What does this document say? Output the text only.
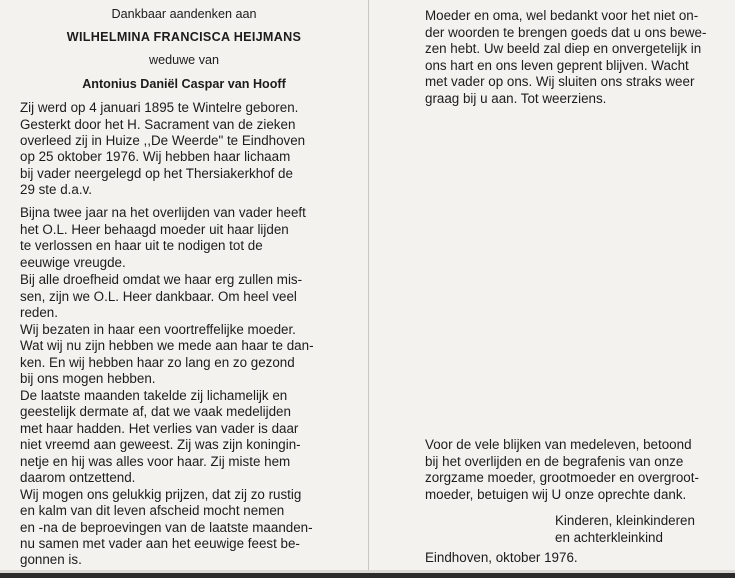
Dankbaar aandenken aan

WILHELMINA FRANCISCA HEIJMANS

weduwe van

Antonius Daniël Caspar van Hooff

Zij werd op 4 januari 1895 te Wintelre geboren.

Gesterkt door het H. Sacrament van de zieken

overleed zij in Huize ,,De Weerde" te Eindhoven

op 25 oktober 1976. Wij hebben haar lichaam

bij vader neergelegd op het Thersiakerkhof de

29 ste d.a.v.

Bijna twee jaar na het overlijden van vader heeft

het O.L. Heer behaagd moeder uit haar lijden

te verlossen en haar uit te nodigen tot de

eeuwige vreugde.

Bij alle droefheid omdat we haar erg zullen mis-

sen, zijn we O.L. Heer dankbaar. Om heel veel

reden.

Wij bezaten in haar een voortreffelijke moeder.

Wat wij nu zijn hebben we mede aan haar te dan-

ken. En wij hebben haar zo lang en zo gezond

bij ons mogen hebben.

De laatste maanden takelde zij lichamelijk en

geestelijk dermate af, dat we vaak medelijden

met haar hadden. Het verlies van vader is daar

niet vreemd aan geweest. Zij was zijn koningin-

netje en hij was alles voor haar. Zij miste hem

daarom ontzettend.

Wij mogen ons gelukkig prijzen, dat zij zo rustig

en kalm van dit leven afscheid mocht nemen

en -na de beproevingen van de laatste maanden-

nu samen met vader aan het eeuwige feest be-

gonnen is.

Moeder en oma, wel bedankt voor het niet on-

der woorden te brengen goeds dat u ons bewe-

zen hebt. Uw beeld zal diep en onvergetelijk in

ons hart en ons leven geprent blijven. Wacht

met vader op ons. Wij sluiten ons straks weer

graag bij u aan. Tot weerziens.

Voor de vele blijken van medeleven, betoond

bij het overlijden en de begrafenis van onze

zorgzame moeder, grootmoeder en overgroot-

moeder, betuigen wij U onze oprechte dank.

Kinderen, kleinkinderen

en achterkleinkind

Eindhoven, oktober 1976.
